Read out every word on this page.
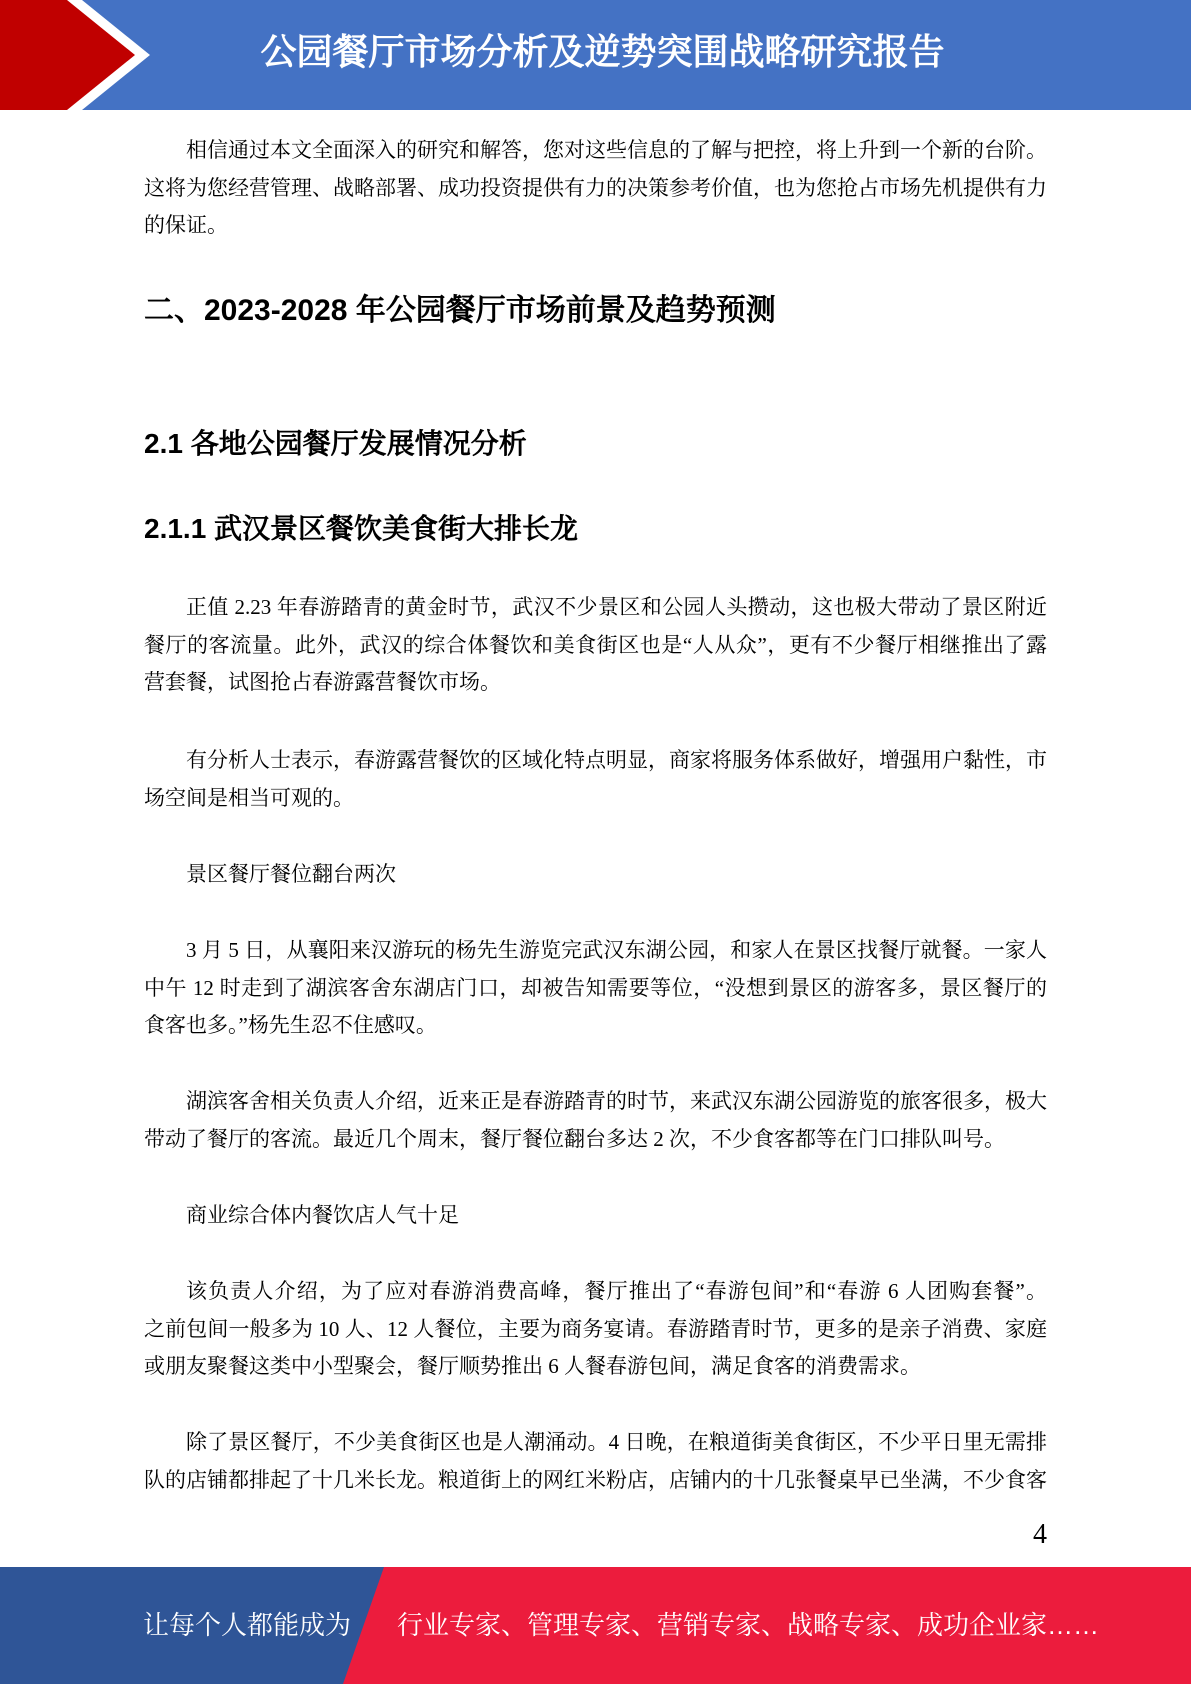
公园餐厅市场分析及逆势突围战略研究报告
相信通过本文全面深入的研究和解答，您对这些信息的了解与把控，将上升到一个新的台阶。
这将为您经营管理、战略部署、成功投资提供有力的决策参考价值，也为您抢占市场先机提供有力
的保证。
二、2023-2028 年公园餐厅市场前景及趋势预测
2.1 各地公园餐厅发展情况分析
2.1.1 武汉景区餐饮美食街大排长龙
正值 2.23 年春游踏青的黄金时节，武汉不少景区和公园人头攒动，这也极大带动了景区附近
餐厅的客流量。此外，武汉的综合体餐饮和美食街区也是“人从众”，更有不少餐厅相继推出了露
营套餐，试图抢占春游露营餐饮市场。
有分析人士表示，春游露营餐饮的区域化特点明显，商家将服务体系做好，增强用户黏性，市
场空间是相当可观的。
景区餐厅餐位翻台两次
3 月 5 日，从襄阳来汉游玩的杨先生游览完武汉东湖公园，和家人在景区找餐厅就餐。一家人
中午 12 时走到了湖滨客舍东湖店门口，却被告知需要等位，“没想到景区的游客多，景区餐厅的
食客也多。”杨先生忍不住感叹。
湖滨客舍相关负责人介绍，近来正是春游踏青的时节，来武汉东湖公园游览的旅客很多，极大
带动了餐厅的客流。最近几个周末，餐厅餐位翻台多达 2 次，不少食客都等在门口排队叫号。
商业综合体内餐饮店人气十足
该负责人介绍，为了应对春游消费高峰，餐厅推出了“春游包间”和“春游 6 人团购套餐”。
之前包间一般多为 10 人、12 人餐位，主要为商务宴请。春游踏青时节，更多的是亲子消费、家庭
或朋友聚餐这类中小型聚会，餐厅顺势推出 6 人餐春游包间，满足食客的消费需求。
除了景区餐厅，不少美食街区也是人潮涌动。4 日晚，在粮道街美食街区，不少平日里无需排
队的店铺都排起了十几米长龙。粮道街上的网红米粉店，店铺内的十几张餐桌早已坐满，不少食客
4
让每个人都能成为 行业专家、管理专家、营销专家、战略专家、成功企业家……
